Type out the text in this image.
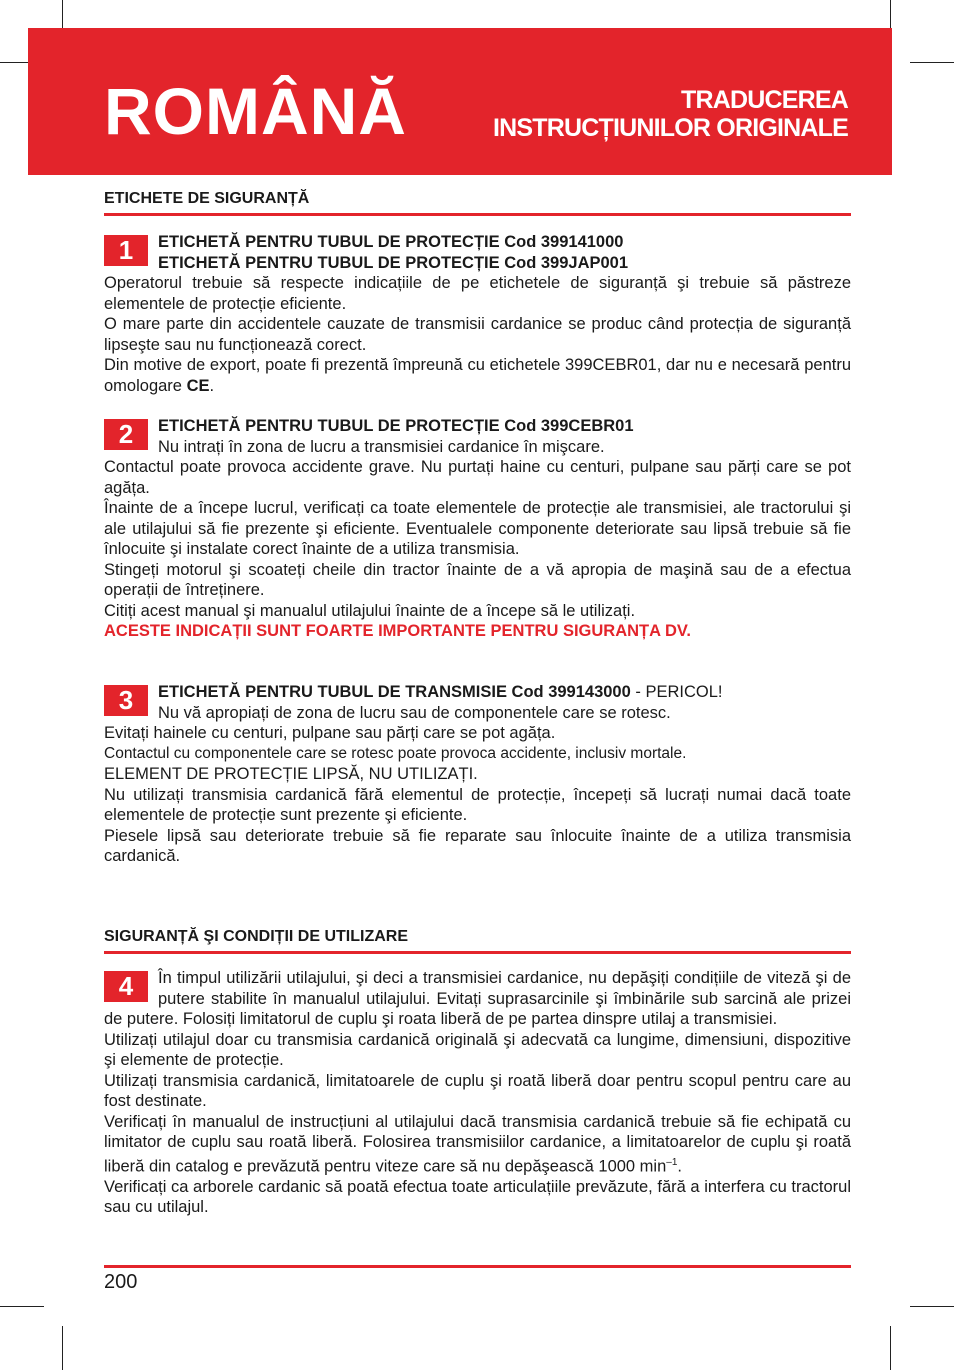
ROMÂNĂ	TRADUCEREA
INSTRUCȚIUNILOR ORIGINALE
ETICHETE DE SIGURANȚĂ
1	ETICHETĂ PENTRU TUBUL DE PROTECȚIE Cod 399141000

ETICHETĂ PENTRU TUBUL DE PROTECȚIE Cod 399JAP001

Operatorul trebuie să respecte indicațiile de pe etichetele de siguranță şi trebuie să păstreze elementele de protecție eficiente.

O mare parte din accidentele cauzate de transmisii cardanice se produc când protecția de siguranță lipseşte sau nu funcționează corect.

Din motive de export, poate fi prezentă împreună cu etichetele 399CEBR01, dar nu e necesară pentru omologare CE.

2	ETICHETĂ PENTRU TUBUL DE PROTECȚIE Cod 399CEBR01

Nu intrați în zona de lucru a transmisiei cardanice în mişcare.

Contactul poate provoca accidente grave. Nu purtați haine cu centuri, pulpane sau părți care se pot agăța.

Înainte de a începe lucrul, verificați ca toate elementele de protecție ale transmisiei, ale tractorului şi ale utilajului să fie prezente şi eficiente. Eventualele componente deteriorate sau lipsă trebuie să fie înlocuite şi instalate corect înainte de a utiliza transmisia.

Stingeți motorul şi scoateți cheile din tractor înainte de a vă apropia de maşină sau de a efectua operații de întreținere.

Citiți acest manual şi manualul utilajului înainte de a începe să le utilizați.

ACESTE INDICAȚII SUNT FOARTE IMPORTANTE PENTRU SIGURANȚA DV.

3	ETICHETĂ PENTRU TUBUL DE TRANSMISIE Cod 399143000 - PERICOL!

Nu vă apropiați de zona de lucru sau de componentele care se rotesc.

Evitați hainele cu centuri, pulpane sau părți care se pot agăța.

Contactul cu componentele care se rotesc poate provoca accidente, inclusiv mortale.

ELEMENT DE PROTECȚIE LIPSĂ, NU UTILIZAȚI.

Nu utilizați transmisia cardanică fără elementul de protecție, începeți să lucrați numai dacă toate elementele de protecție sunt prezente şi eficiente.

Piesele lipsă sau deteriorate trebuie să fie reparate sau înlocuite înainte de a utiliza transmisia cardanică.

SIGURANȚĂ ŞI CONDIȚII DE UTILIZARE
4	În timpul utilizării utilajului, şi deci a transmisiei cardanice, nu depăşiți condițiile de viteză şi de putere stabilite în manualul utilajului. Evitați suprasarcinile şi îmbinările sub sarcină ale prizei de putere. Folosiți limitatorul de cuplu şi roata liberă de pe partea dinspre utilaj a transmisiei.

Utilizați utilajul doar cu transmisia cardanică originală şi adecvată ca lungime, dimensiuni, dispozitive şi elemente de protecție.

Utilizați transmisia cardanică, limitatoarele de cuplu şi roată liberă doar pentru scopul pentru care au fost destinate.

Verificați în manualul de instrucțiuni al utilajului dacă transmisia cardanică trebuie să fie echipată cu limitator de cuplu sau roată liberă. Folosirea transmisiilor cardanice, a limitatoarelor de cuplu şi roată liberă din catalog e prevăzută pentru viteze care să nu depăşească 1000 $\min^{-1}$.

Verificați ca arborele cardanic să poată efectua toate articulațiile prevăzute, fără a interfera cu tractorul sau cu utilajul.

200
